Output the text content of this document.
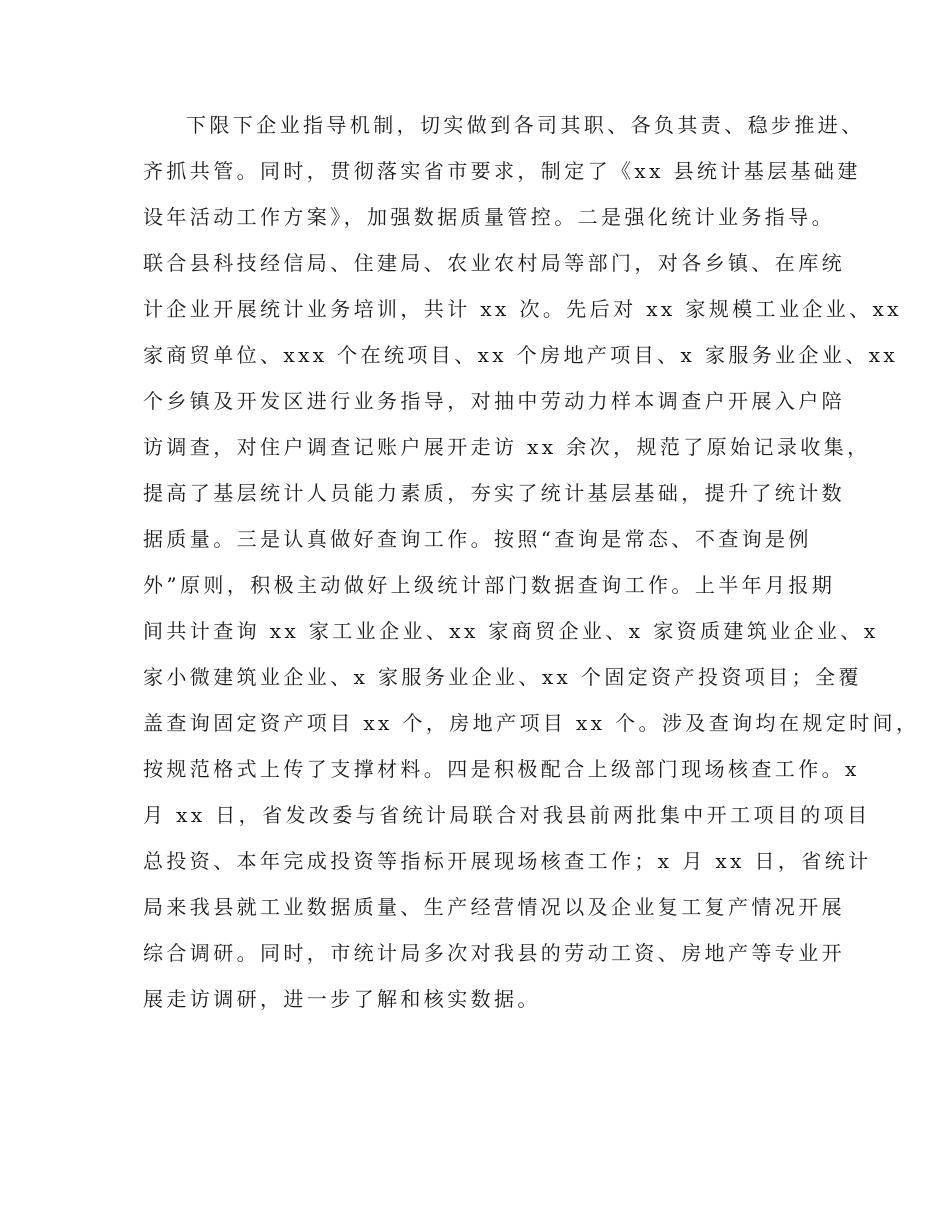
下限下企业指导机制，切实做到各司其职、各负其责、稳步推进、
齐抓共管。同时，贯彻落实省市要求，制定了《xx 县统计基层基础建
设年活动工作方案》，加强数据质量管控。二是强化统计业务指导。
联合县科技经信局、住建局、农业农村局等部门，对各乡镇、在库统
计企业开展统计业务培训，共计 xx 次。先后对 xx 家规模工业企业、xx
家商贸单位、xxx 个在统项目、xx 个房地产项目、x 家服务业企业、xx
个乡镇及开发区进行业务指导，对抽中劳动力样本调查户开展入户陪
访调查，对住户调查记账户展开走访 xx 余次，规范了原始记录收集，
提高了基层统计人员能力素质，夯实了统计基层基础，提升了统计数
据质量。三是认真做好查询工作。按照“查询是常态、不查询是例
外”原则，积极主动做好上级统计部门数据查询工作。上半年月报期
间共计查询 xx 家工业企业、xx 家商贸企业、x 家资质建筑业企业、x
家小微建筑业企业、x 家服务业企业、xx 个固定资产投资项目；全覆
盖查询固定资产项目 xx 个，房地产项目 xx 个。涉及查询均在规定时间，
按规范格式上传了支撑材料。四是积极配合上级部门现场核查工作。x
月 xx 日，省发改委与省统计局联合对我县前两批集中开工项目的项目
总投资、本年完成投资等指标开展现场核查工作；x 月 xx 日，省统计
局来我县就工业数据质量、生产经营情况以及企业复工复产情况开展
综合调研。同时，市统计局多次对我县的劳动工资、房地产等专业开
展走访调研，进一步了解和核实数据。
